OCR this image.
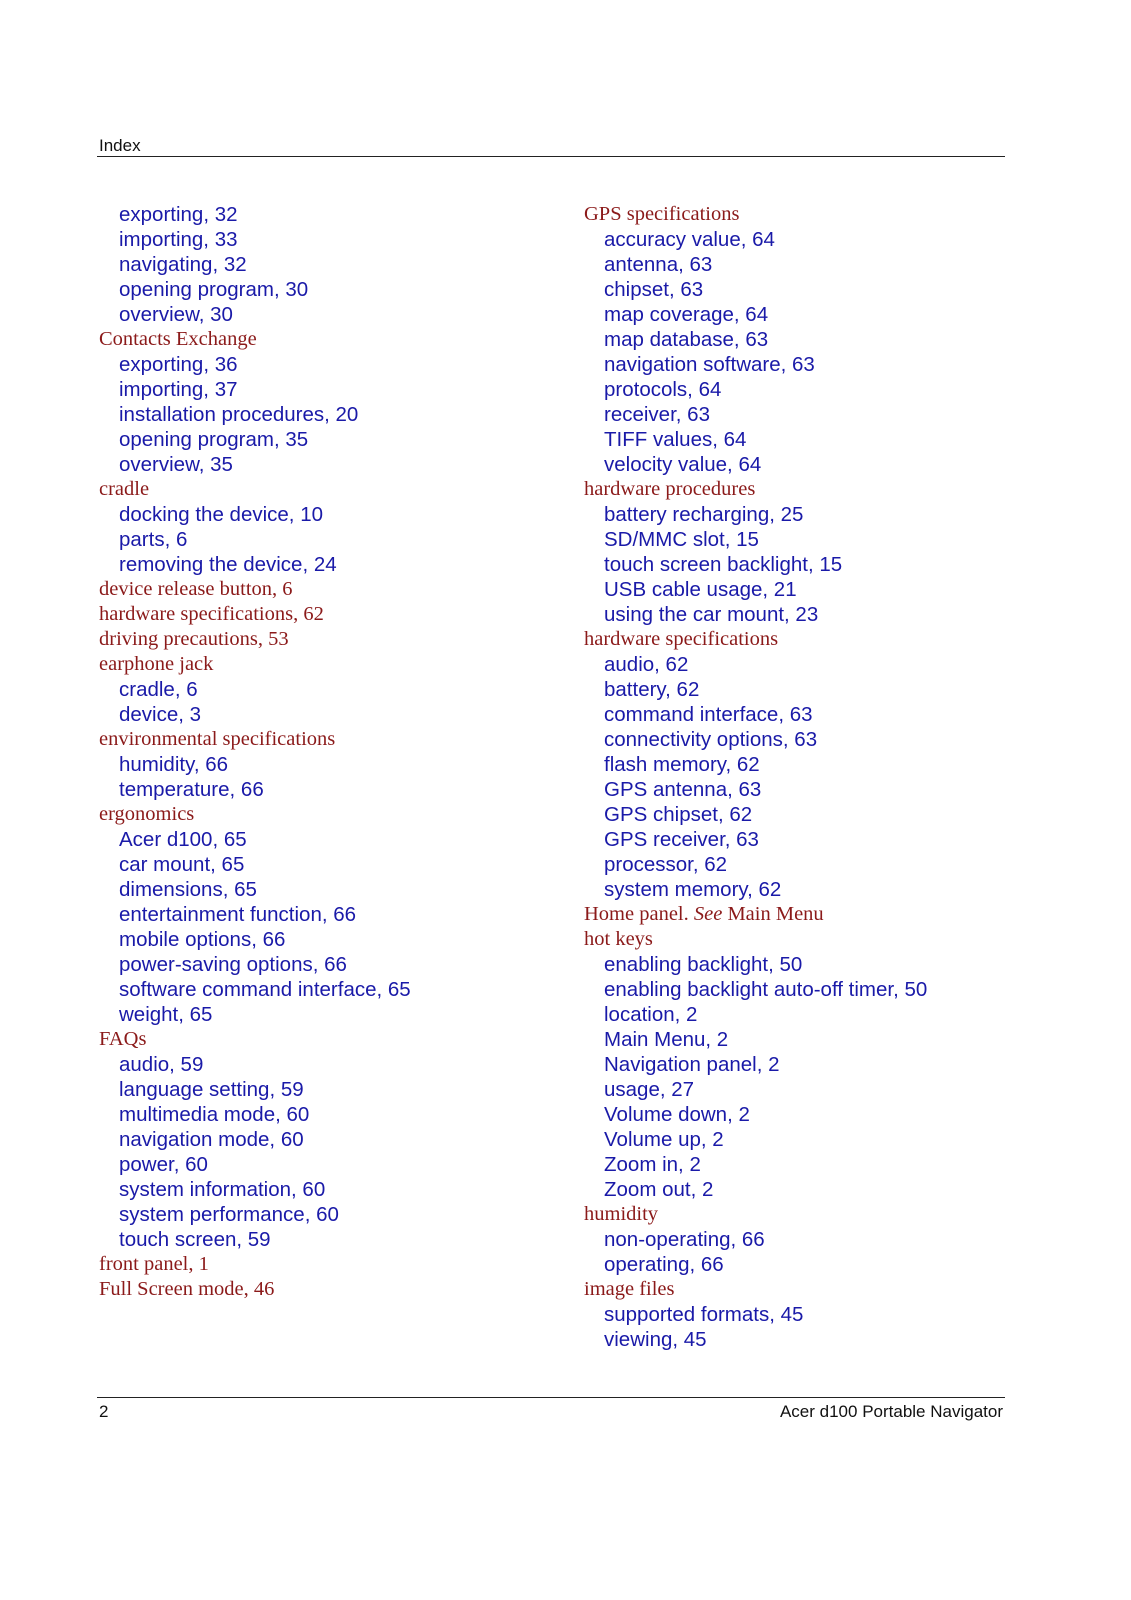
Index
exporting, 32
importing, 33
navigating, 32
opening program, 30
overview, 30
Contacts Exchange
exporting, 36
importing, 37
installation procedures, 20
opening program, 35
overview, 35
cradle
docking the device, 10
parts, 6
removing the device, 24
device release button, 6
hardware specifications, 62
driving precautions, 53
earphone jack
cradle, 6
device, 3
environmental specifications
humidity, 66
temperature, 66
ergonomics
Acer d100, 65
car mount, 65
dimensions, 65
entertainment function, 66
mobile options, 66
power-saving options, 66
software command interface, 65
weight, 65
FAQs
audio, 59
language setting, 59
multimedia mode, 60
navigation mode, 60
power, 60
system information, 60
system performance, 60
touch screen, 59
front panel, 1
Full Screen mode, 46
GPS specifications
accuracy value, 64
antenna, 63
chipset, 63
map coverage, 64
map database, 63
navigation software, 63
protocols, 64
receiver, 63
TIFF values, 64
velocity value, 64
hardware procedures
battery recharging, 25
SD/MMC slot, 15
touch screen backlight, 15
USB cable usage, 21
using the car mount, 23
hardware specifications
audio, 62
battery, 62
command interface, 63
connectivity options, 63
flash memory, 62
GPS antenna, 63
GPS chipset, 62
GPS receiver, 63
processor, 62
system memory, 62
Home panel. See Main Menu
hot keys
enabling backlight, 50
enabling backlight auto-off timer, 50
location, 2
Main Menu, 2
Navigation panel, 2
usage, 27
Volume down, 2
Volume up, 2
Zoom in, 2
Zoom out, 2
humidity
non-operating, 66
operating, 66
image files
supported formats, 45
viewing, 45
2	Acer d100 Portable Navigator
